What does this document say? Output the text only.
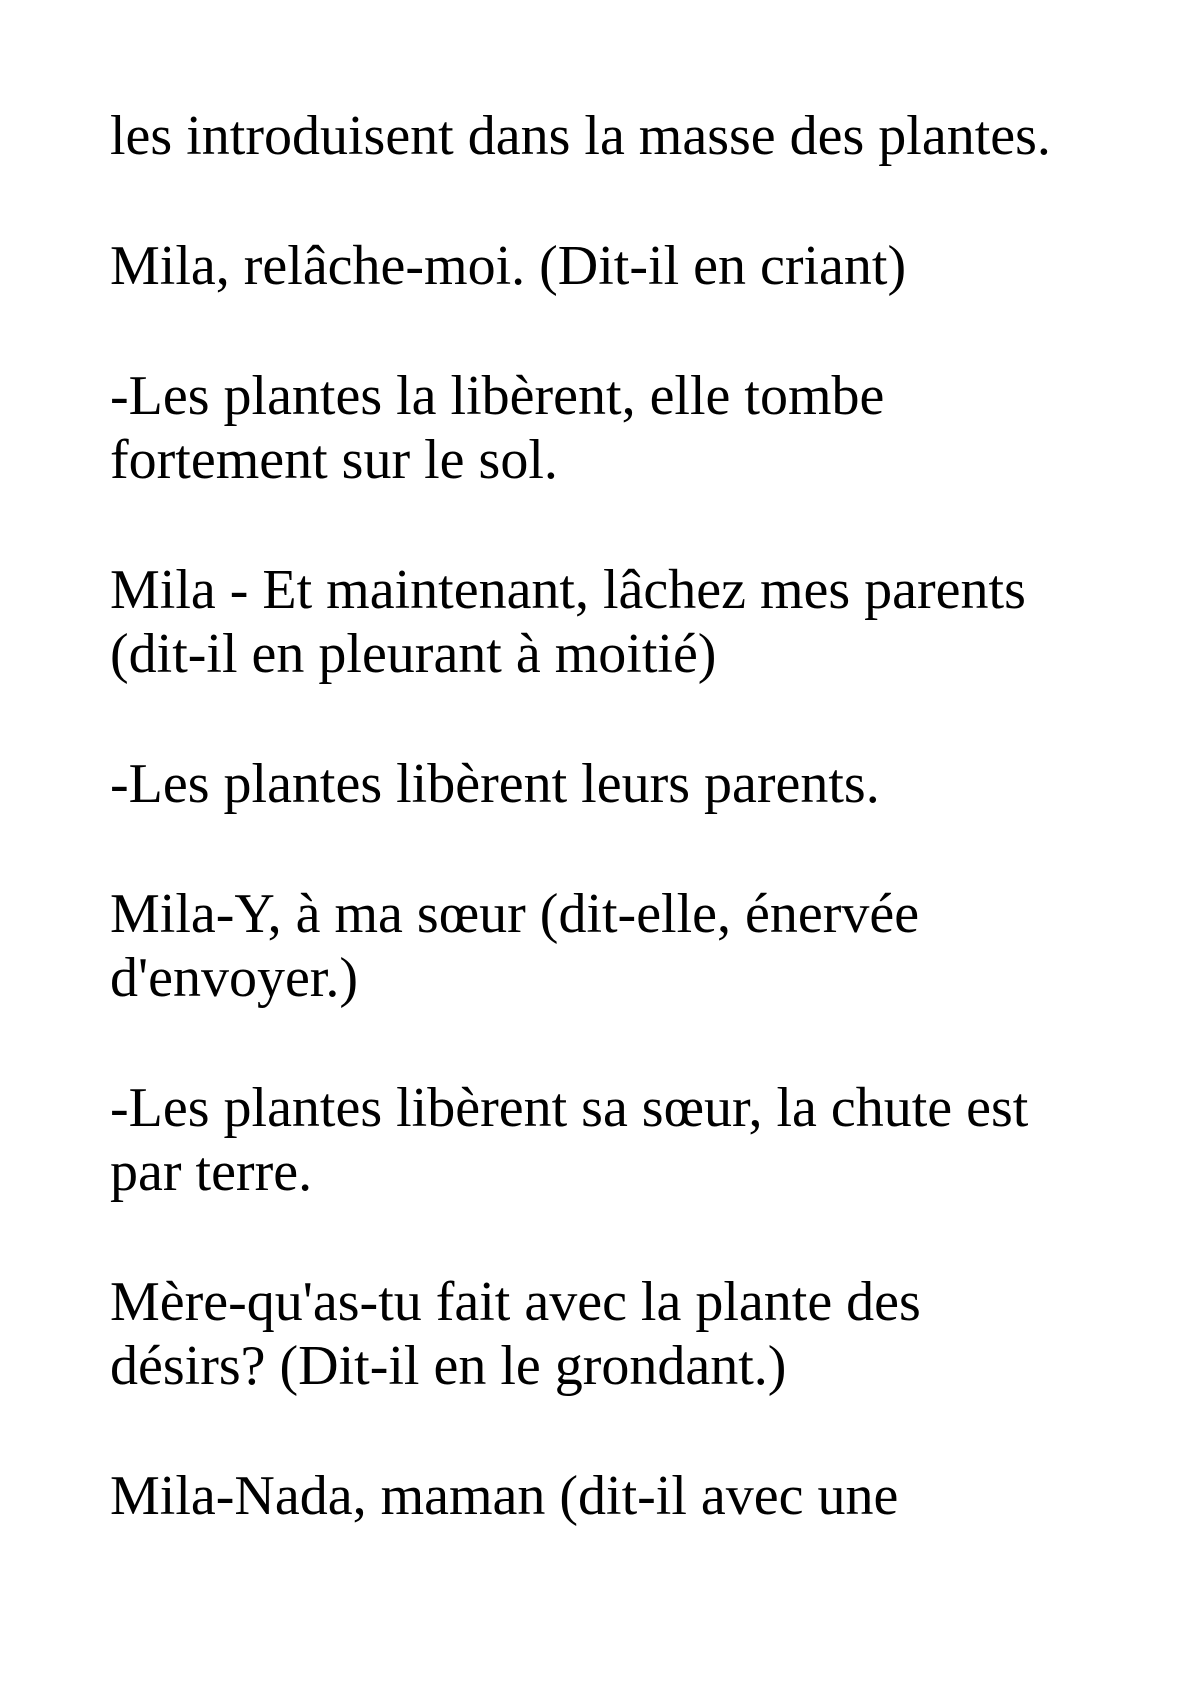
les introduisent dans la masse des plantes.
Mila, relâche-moi. (Dit-il en criant)
-Les plantes la libèrent, elle tombe
fortement sur le sol.
Mila - Et maintenant, lâchez mes parents
(dit-il en pleurant à moitié)
-Les plantes libèrent leurs parents.
Mila-Y, à ma sœur (dit-elle, énervée
d'envoyer.)
-Les plantes libèrent sa sœur, la chute est
par terre.
Mère-qu'as-tu fait avec la plante des
désirs? (Dit-il en le grondant.)
Mila-Nada, maman (dit-il avec une
